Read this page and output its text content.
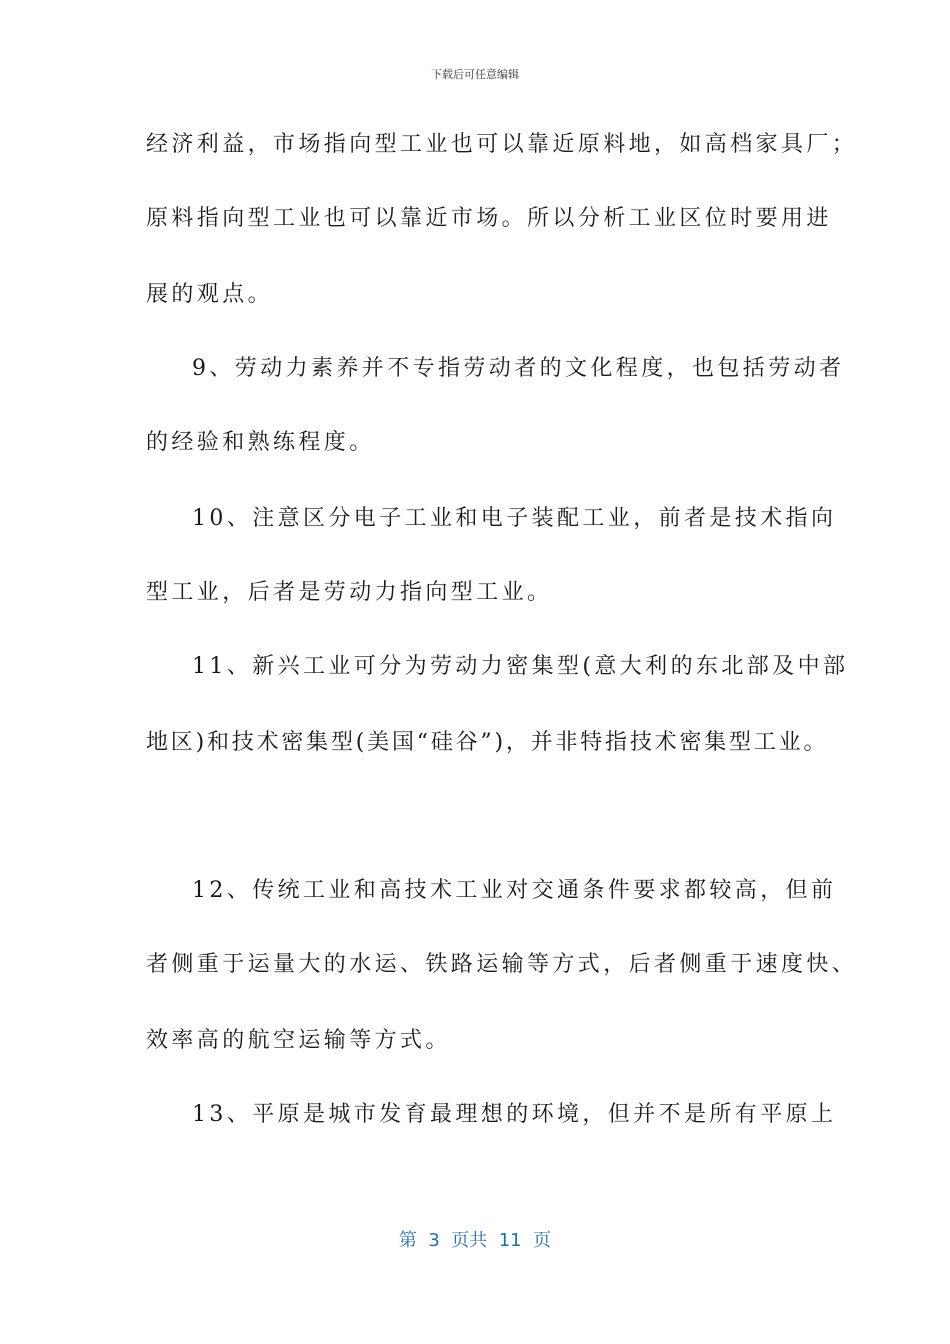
下载后可任意编辑
经济利益，市场指向型工业也可以靠近原料地，如高档家具厂；
原料指向型工业也可以靠近市场。所以分析工业区位时要用进
展的观点。
9、劳动力素养并不专指劳动者的文化程度，也包括劳动者
的经验和熟练程度。
10、注意区分电子工业和电子装配工业，前者是技术指向
型工业，后者是劳动力指向型工业。
11、新兴工业可分为劳动力密集型(意大利的东北部及中部
地区)和技术密集型(美国“硅谷”)，并非特指技术密集型工业。
12、传统工业和高技术工业对交通条件要求都较高，但前
者侧重于运量大的水运、铁路运输等方式，后者侧重于速度快、
效率高的航空运输等方式。
13、平原是城市发育最理想的环境，但并不是所有平原上
第  3  页共  11  页
